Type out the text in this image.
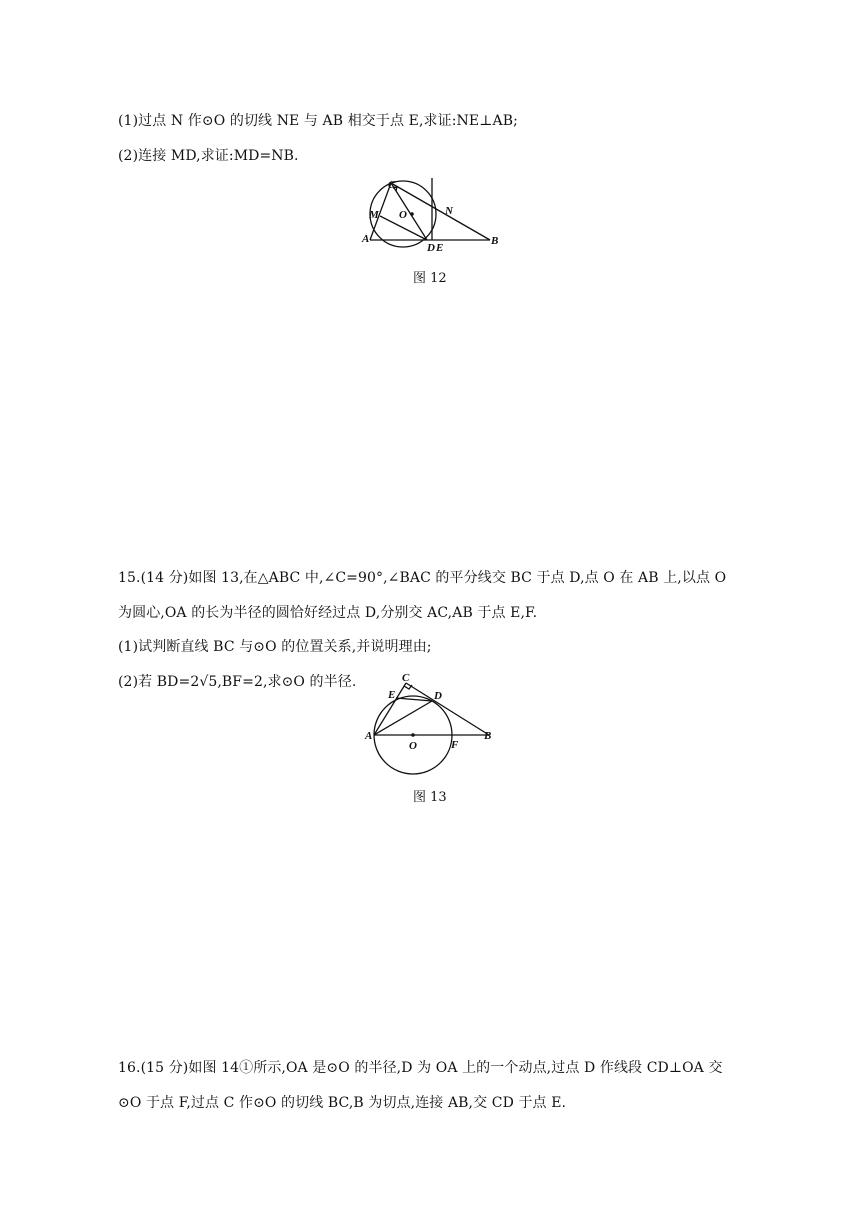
(1)过点 N 作⊙O 的切线 NE 与 AB 相交于点 E,求证:NE⊥AB;
(2)连接 MD,求证:MD=NB.
C
M O	N
A
D E
B
图 12
15.(14 分)如图 13,在△ABC 中,∠C=90°,∠BAC 的平分线交 BC 于点 D,点 O 在 AB 上,以点 O
为圆心,OA 的长为半径的圆恰好经过点 D,分别交 AC,AB 于点 E,F.
(1)试判断直线 BC 与⊙O 的位置关系,并说明理由;
(2)若 BD=2√5,BF=2,求⊙O 的半径.	C
E	D
A
O	F
B
图 13
16.(15 分)如图 14①所示,OA 是⊙O 的半径,D 为 OA 上的一个动点,过点 D 作线段 CD⊥OA 交
⊙O 于点 F,过点 C 作⊙O 的切线 BC,B 为切点,连接 AB,交 CD 于点 E.
